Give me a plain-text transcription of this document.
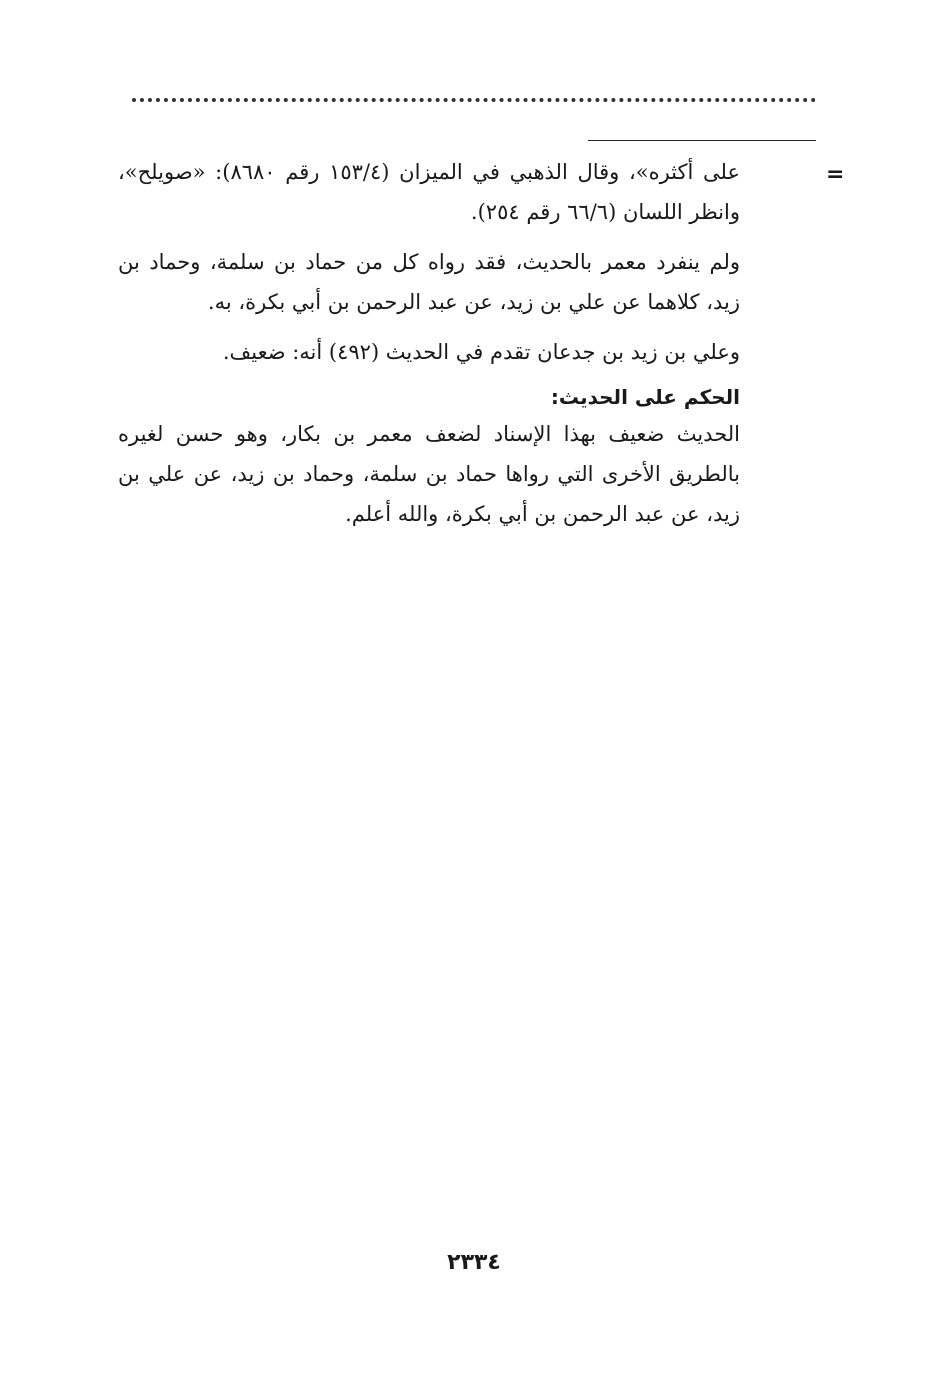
=

على أكثره»، وقال الذهبي في الميزان (١٥٣/٤ رقم ٨٦٨٠): «صويلح»، وانظر اللسان (٦٦/٦ رقم ٢٥٤).

ولم ينفرد معمر بالحديث، فقد رواه كل من حماد بن سلمة، وحماد بن زيد، كلاهما عن علي بن زيد، عن عبد الرحمن بن أبي بكرة، به.

وعلي بن زيد بن جدعان تقدم في الحديث (٤٩٢) أنه: ضعيف.

الحكم على الحديث:

الحديث ضعيف بهذا الإسناد لضعف معمر بن بكار، وهو حسن لغيره بالطريق الأخرى التي رواها حماد بن سلمة، وحماد بن زيد، عن علي بن زيد، عن عبد الرحمن بن أبي بكرة، والله أعلم.

٢٣٣٤
